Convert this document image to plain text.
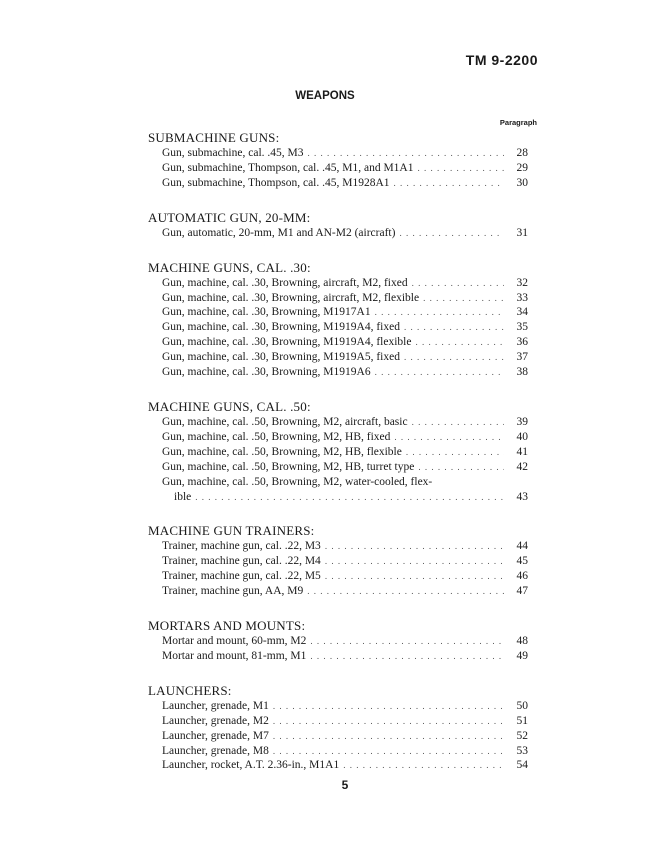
TM 9-2200
WEAPONS
Paragraph
SUBMACHINE GUNS:
Gun, submachine, cal. .45, M3 . . .	28
Gun, submachine, Thompson, cal. .45, M1, and M1A1 . . .	29
Gun, submachine, Thompson, cal. .45, M1928A1 . . .	30
AUTOMATIC GUN, 20-MM:
Gun, automatic, 20-mm, M1 and AN-M2 (aircraft) . . .	31
MACHINE GUNS, CAL. .30:
Gun, machine, cal. .30, Browning, aircraft, M2, fixed . . .	32
Gun, machine, cal. .30, Browning, aircraft, M2, flexible . . .	33
Gun, machine, cal. .30, Browning, M1917A1 . . .	34
Gun, machine, cal. .30, Browning, M1919A4, fixed . . .	35
Gun, machine, cal. .30, Browning, M1919A4, flexible . . .	36
Gun, machine, cal. .30, Browning, M1919A5, fixed . . .	37
Gun, machine, cal. .30, Browning, M1919A6 . . .	38
MACHINE GUNS, CAL. .50:
Gun, machine, cal. .50, Browning, M2, aircraft, basic . . .	39
Gun, machine, cal. .50, Browning, M2, HB, fixed . . .	40
Gun, machine, cal. .50, Browning, M2, HB, flexible . . .	41
Gun, machine, cal. .50, Browning, M2, HB, turret type . . .	42
Gun, machine, cal. .50, Browning, M2, water-cooled, flex-
ible . . .	43
MACHINE GUN TRAINERS:
Trainer, machine gun, cal. .22, M3 . . .	44
Trainer, machine gun, cal. .22, M4 . . .	45
Trainer, machine gun, cal. .22, M5 . . .	46
Trainer, machine gun, AA, M9 . . .	47
MORTARS AND MOUNTS:
Mortar and mount, 60-mm, M2 . . .	48
Mortar and mount, 81-mm, M1 . . .	49
LAUNCHERS:
Launcher, grenade, M1 . . .	50
Launcher, grenade, M2 . . .	51
Launcher, grenade, M7 . . .	52
Launcher, grenade, M8 . . .	53
Launcher, rocket, A.T. 2.36-in., M1A1 . . .	54
5
